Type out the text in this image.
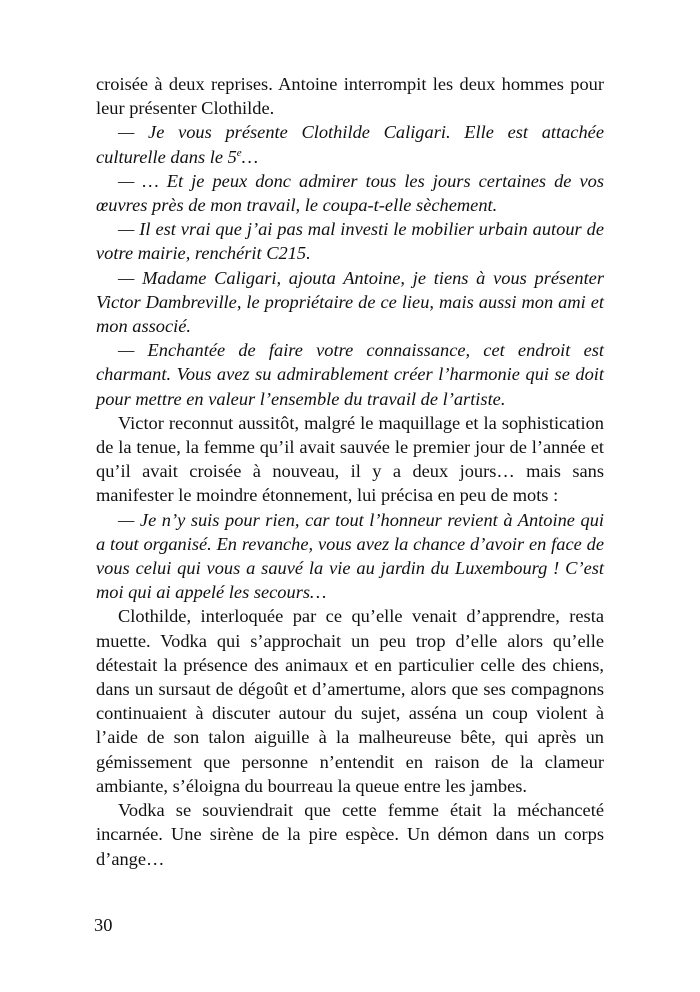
croisée à deux reprises. Antoine interrompit les deux hommes pour leur présenter Clothilde.

— Je vous présente Clothilde Caligari. Elle est attachée culturelle dans le 5e…

— … Et je peux donc admirer tous les jours certaines de vos œuvres près de mon travail, le coupa-t-elle sèchement.

— Il est vrai que j’ai pas mal investi le mobilier urbain autour de votre mairie, renchérit C215.

— Madame Caligari, ajouta Antoine, je tiens à vous présenter Victor Dambreville, le propriétaire de ce lieu, mais aussi mon ami et mon associé.

— Enchantée de faire votre connaissance, cet endroit est charmant. Vous avez su admirablement créer l’harmonie qui se doit pour mettre en valeur l’ensemble du travail de l’artiste.

Victor reconnut aussitôt, malgré le maquillage et la sophistication de la tenue, la femme qu’il avait sauvée le premier jour de l’année et qu’il avait croisée à nouveau, il y a deux jours… mais sans manifester le moindre étonnement, lui précisa en peu de mots :

— Je n’y suis pour rien, car tout l’honneur revient à Antoine qui a tout organisé. En revanche, vous avez la chance d’avoir en face de vous celui qui vous a sauvé la vie au jardin du Luxembourg ! C’est moi qui ai appelé les secours…

Clothilde, interloquée par ce qu’elle venait d’apprendre, resta muette. Vodka qui s’approchait un peu trop d’elle alors qu’elle détestait la présence des animaux et en particulier celle des chiens, dans un sursaut de dégoût et d’amertume, alors que ses compagnons continuaient à discuter autour du sujet, asséna un coup violent à l’aide de son talon aiguille à la malheureuse bête, qui après un gémissement que personne n’entendit en raison de la clameur ambiante, s’éloigna du bourreau la queue entre les jambes.

Vodka se souviendrait que cette femme était la méchanceté incarnée. Une sirène de la pire espèce. Un démon dans un corps d’ange…

30
